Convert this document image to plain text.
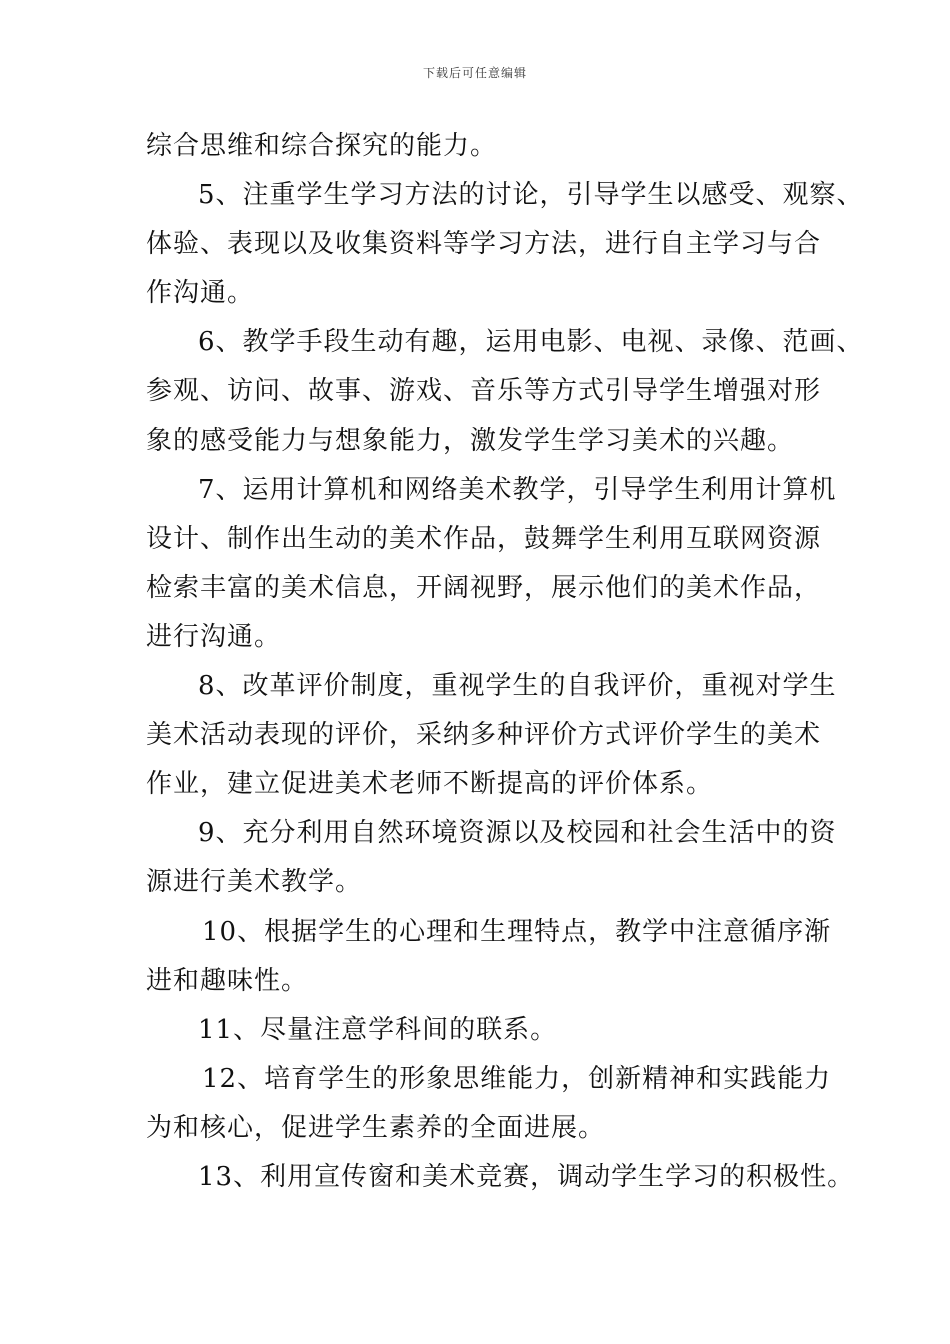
下载后可任意编辑
综合思维和综合探究的能力。
5、注重学生学习方法的讨论，引导学生以感受、观察、
体验、表现以及收集资料等学习方法，进行自主学习与合
作沟通。
6、教学手段生动有趣，运用电影、电视、录像、范画、
参观、访问、故事、游戏、音乐等方式引导学生增强对形
象的感受能力与想象能力，激发学生学习美术的兴趣。
7、运用计算机和网络美术教学，引导学生利用计算机
设计、制作出生动的美术作品，鼓舞学生利用互联网资源
检索丰富的美术信息，开阔视野，展示他们的美术作品，
进行沟通。
8、改革评价制度，重视学生的自我评价，重视对学生
美术活动表现的评价，采纳多种评价方式评价学生的美术
作业，建立促进美术老师不断提高的评价体系。
9、充分利用自然环境资源以及校园和社会生活中的资
源进行美术教学。
10、根据学生的心理和生理特点，教学中注意循序渐
进和趣味性。
11、尽量注意学科间的联系。
12、培育学生的形象思维能力，创新精神和实践能力
为和核心，促进学生素养的全面进展。
13、利用宣传窗和美术竞赛，调动学生学习的积极性。
